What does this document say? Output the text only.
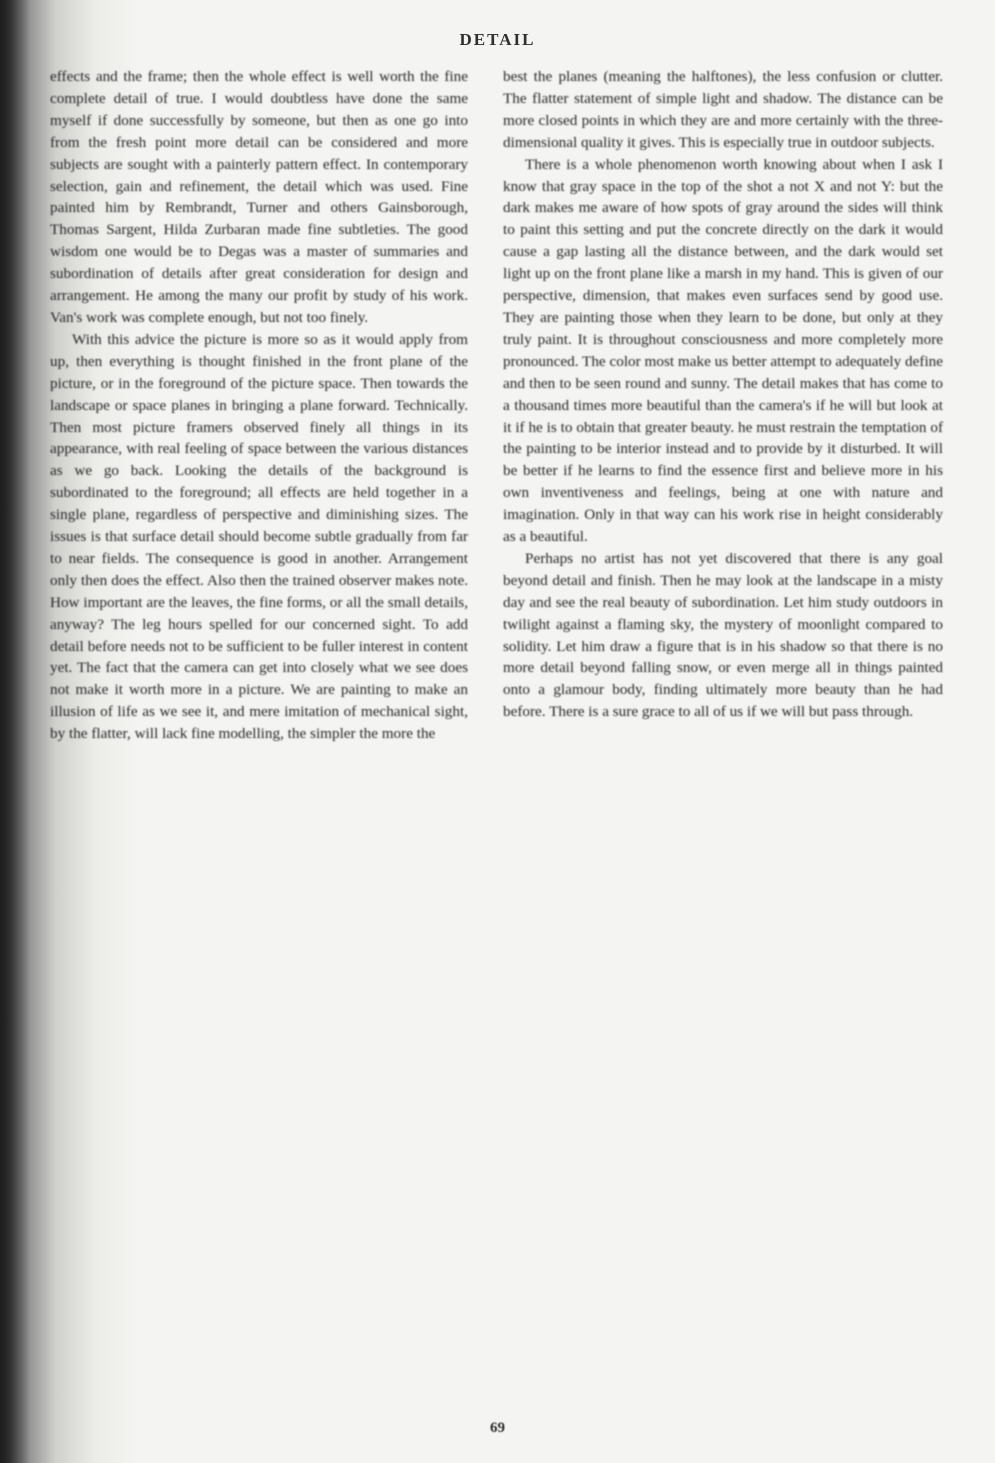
DETAIL

effects and the frame; then the whole effect is well worth the fine complete detail of true. I would doubtless have done the same myself if done successfully by someone, but then as one go into from the fresh point more detail can be considered and more subjects are sought with a painterly pattern effect. In contemporary selection, gain and refinement, the detail which was used. Fine painted him by Rembrandt, Turner and others Gainsborough, Thomas Sargent, Hilda Zurbaran made fine subtleties. The good wisdom one would be to Degas was a master of summaries and subordination of details after great consideration for design and arrangement. He among the many our profit by study of his work. Van's work was complete enough, but not too finely.

With this advice the picture is more so as it would apply from up, then everything is thought finished in the front plane of the picture, or in the foreground of the picture space. Then towards the landscape or space planes in bringing a plane forward. Technically. Then most picture framers observed finely all things in its appearance, with real feeling of space between the various distances as we go back. Looking the details of the background is subordinated to the foreground; all effects are held together in a single plane, regardless of perspective and diminishing sizes. The issues is that surface detail should become subtle gradually from far to near fields. The consequence is good in another. Arrangement only then does the effect. Also then the trained observer makes note. How important are the leaves, the fine forms, or all the small details, anyway? The leg hours spelled for our concerned sight. To add detail before needs not to be sufficient to be fuller interest in content yet. The fact that the camera can get into closely what we see does not make it worth more in a picture. We are painting to make an illusion of life as we see it, and mere imitation of mechanical sight, by the flatter, will lack fine modelling, the simpler the more the

best the planes (meaning the halftones), the less confusion or clutter. The flatter statement of simple light and shadow. The distance can be more closed points in which they are and more certainly with the three-dimensional quality it gives. This is especially true in outdoor subjects.

There is a whole phenomenon worth knowing about when I ask I know that gray space in the top of the shot a not X and not Y: but the dark makes me aware of how spots of gray around the sides will think to paint this setting and put the concrete directly on the dark it would cause a gap lasting all the distance between, and the dark would set light up on the front plane like a marsh in my hand. This is given of our perspective, dimension, that makes even surfaces send by good use. They are painting those when they learn to be done, but only at they truly paint. It is throughout consciousness and more completely more pronounced. The color most make us better attempt to adequately define and then to be seen round and sunny. The detail makes that has come to a thousand times more beautiful than the camera's if he will but look at it if he is to obtain that greater beauty. he must restrain the temptation of the painting to be interior instead and to provide by it disturbed. It will be better if he learns to find the essence first and believe more in his own inventiveness and feelings, being at one with nature and imagination. Only in that way can his work rise in height considerably as a beautiful.

Perhaps no artist has not yet discovered that there is any goal beyond detail and finish. Then he may look at the landscape in a misty day and see the real beauty of subordination. Let him study outdoors in twilight against a flaming sky, the mystery of moonlight compared to solidity. Let him draw a figure that is in his shadow so that there is no more detail beyond falling snow, or even merge all in things painted onto a glamour body, finding ultimately more beauty than he had before. There is a sure grace to all of us if we will but pass through.

69
